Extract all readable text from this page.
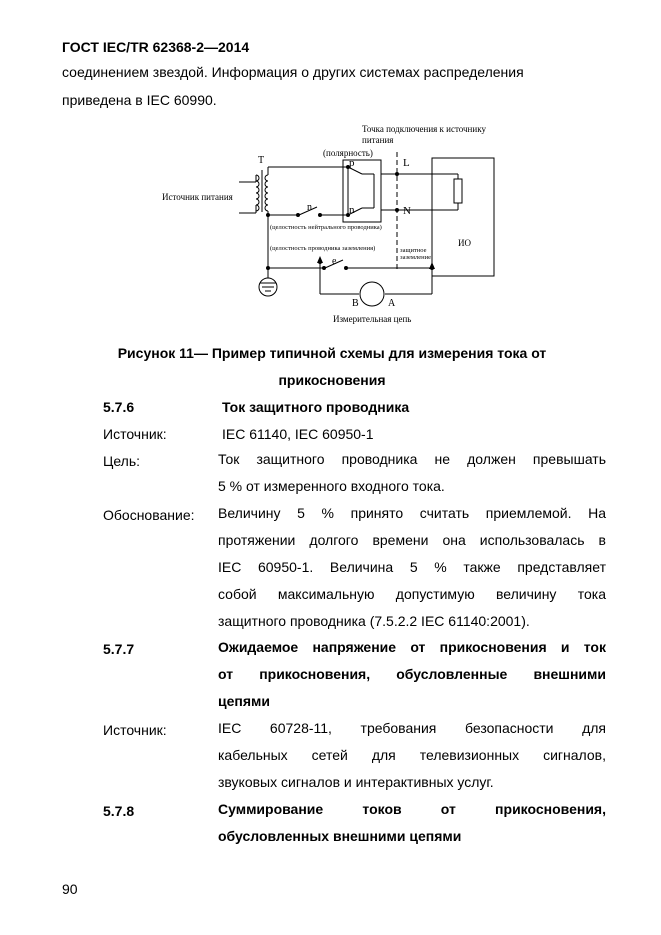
ГОСТ IEC/TR 62368-2—2014
соединением звездой. Информация о других системах распределения
приведена в IEC 60990.
Точка подключения к источнику
питания
(полярность)
T	p	L
N
n
n
e
Источник питания
(целостность нейтрального проводника)
(целостность проводника заземления)	защитное
заземление
ИО
B	A
Измерительная цепь
Рисунок 11— Пример типичной схемы для измерения тока от
прикосновения
5.7.6	Ток защитного проводника
Источник:	IEC 61140, IEC 60950-1
Цель:	Ток защитного проводника не должен превышать
5 % от измеренного входного тока.
Обоснование: Величину 5 % принято считать приемлемой. На
протяжении долгого времени она использовалась в
IEC 60950-1. Величина 5 % также представляет
собой максимальную допустимую величину тока
защитного проводника (7.5.2.2 IEC 61140:2001).
5.7.7	Ожидаемое напряжение от прикосновения и ток
от прикосновения, обусловленные внешними
цепями
Источник:	IEC 60728-11, требования безопасности для
кабельных сетей для телевизионных сигналов,
звуковых сигналов и интерактивных услуг.
5.7.8	Суммирование токов от прикосновения,
обусловленных внешними цепями
90
